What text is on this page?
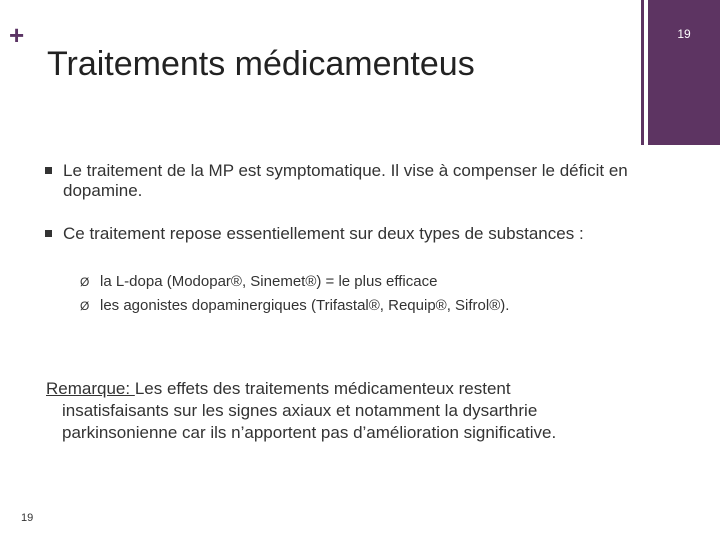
19
+
Traitements médicamenteus
Le traitement de la MP est symptomatique. Il vise à compenser le déficit en dopamine.
Ce traitement repose essentiellement sur deux types de substances :
Ø la L-dopa (Modopar®, Sinemet®) = le plus efficace
Ø les agonistes dopaminergiques (Trifastal®, Requip®, Sifrol®).
Remarque: Les effets des traitements médicamenteux restent
insatisfaisants sur les signes axiaux et notamment la dysarthrie parkinsonienne car ils n’apportent pas d’amélioration significative.
19
